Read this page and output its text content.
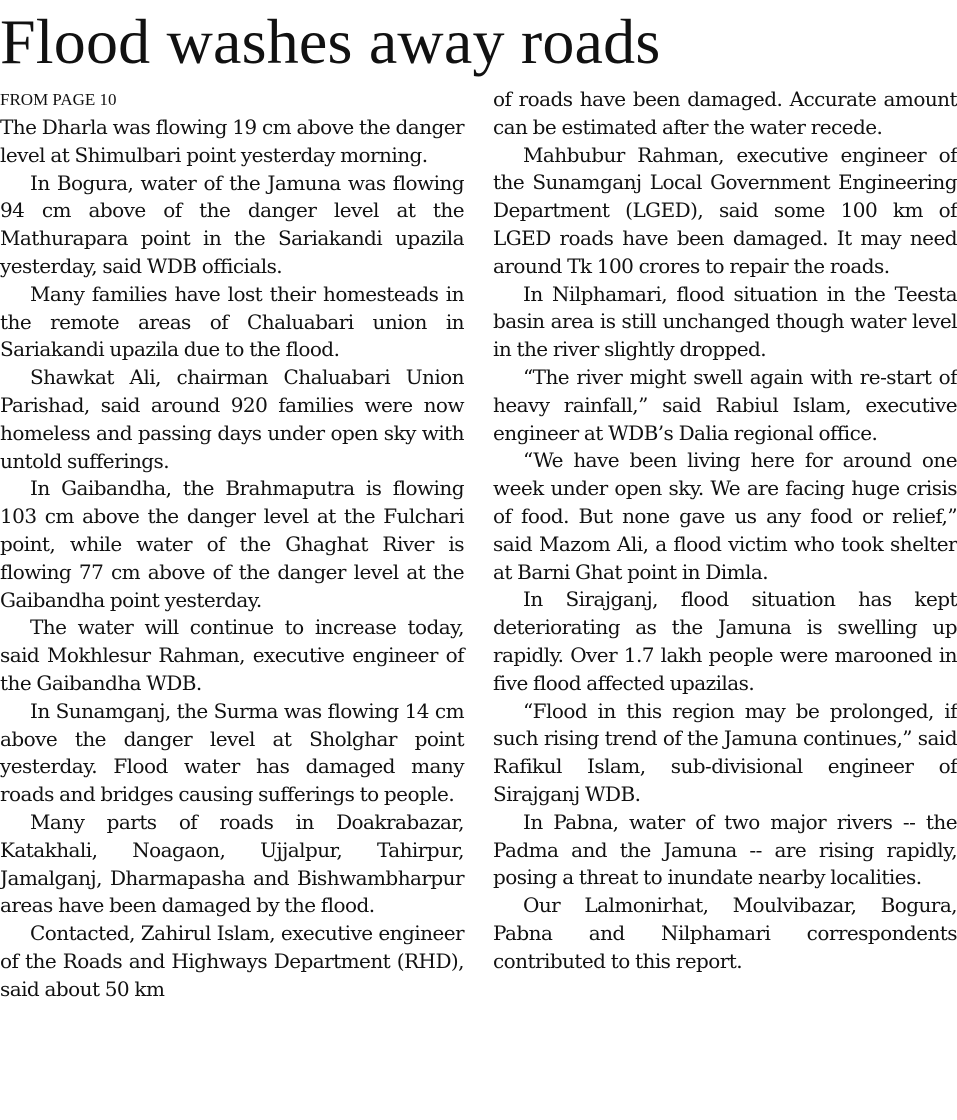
Flood washes away roads
FROM PAGE 10

The Dharla was flowing 19 cm above the danger level at Shimulbari point yesterday morning.

In Bogura, water of the Jamuna was flowing 94 cm above of the danger level at the Mathurapara point in the Sariakandi upazila yesterday, said WDB officials.

Many families have lost their homesteads in the remote areas of Chaluabari union in Sariakandi upazila due to the flood.

Shawkat Ali, chairman Chaluabari Union Parishad, said around 920 families were now homeless and passing days under open sky with untold sufferings.

In Gaibandha, the Brahmaputra is flowing 103 cm above the danger level at the Fulchari point, while water of the Ghaghat River is flowing 77 cm above of the danger level at the Gaibandha point yesterday.

The water will continue to increase today, said Mokhlesur Rahman, executive engineer of the Gaibandha WDB.

In Sunamganj, the Surma was flowing 14 cm above the danger level at Sholghar point yesterday. Flood water has damaged many roads and bridges causing sufferings to people.

Many parts of roads in Doakrabazar, Katakhali, Noagaon, Ujjalpur, Tahirpur, Jamalganj, Dharmapasha and Bishwambharpur areas have been damaged by the flood.

Contacted, Zahirul Islam, executive engineer of the Roads and Highways Department (RHD), said about 50 km

of roads have been damaged. Accurate amount can be estimated after the water recede.

Mahbubur Rahman, executive engineer of the Sunamganj Local Government Engineering Department (LGED), said some 100 km of LGED roads have been damaged. It may need around Tk 100 crores to repair the roads.

In Nilphamari, flood situation in the Teesta basin area is still unchanged though water level in the river slightly dropped.

“The river might swell again with re-start of heavy rainfall,” said Rabiul Islam, executive engineer at WDB’s Dalia regional office.

“We have been living here for around one week under open sky. We are facing huge crisis of food. But none gave us any food or relief,” said Mazom Ali, a flood victim who took shelter at Barni Ghat point in Dimla.

In Sirajganj, flood situation has kept deteriorating as the Jamuna is swelling up rapidly. Over 1.7 lakh people were marooned in five flood affected upazilas.

“Flood in this region may be prolonged, if such rising trend of the Jamuna continues,” said Rafikul Islam, sub-divisional engineer of Sirajganj WDB.

In Pabna, water of two major rivers -- the Padma and the Jamuna -- are rising rapidly, posing a threat to inundate nearby localities.

Our Lalmonirhat, Moulvibazar, Bogura, Pabna and Nilphamari correspondents contributed to this report.
